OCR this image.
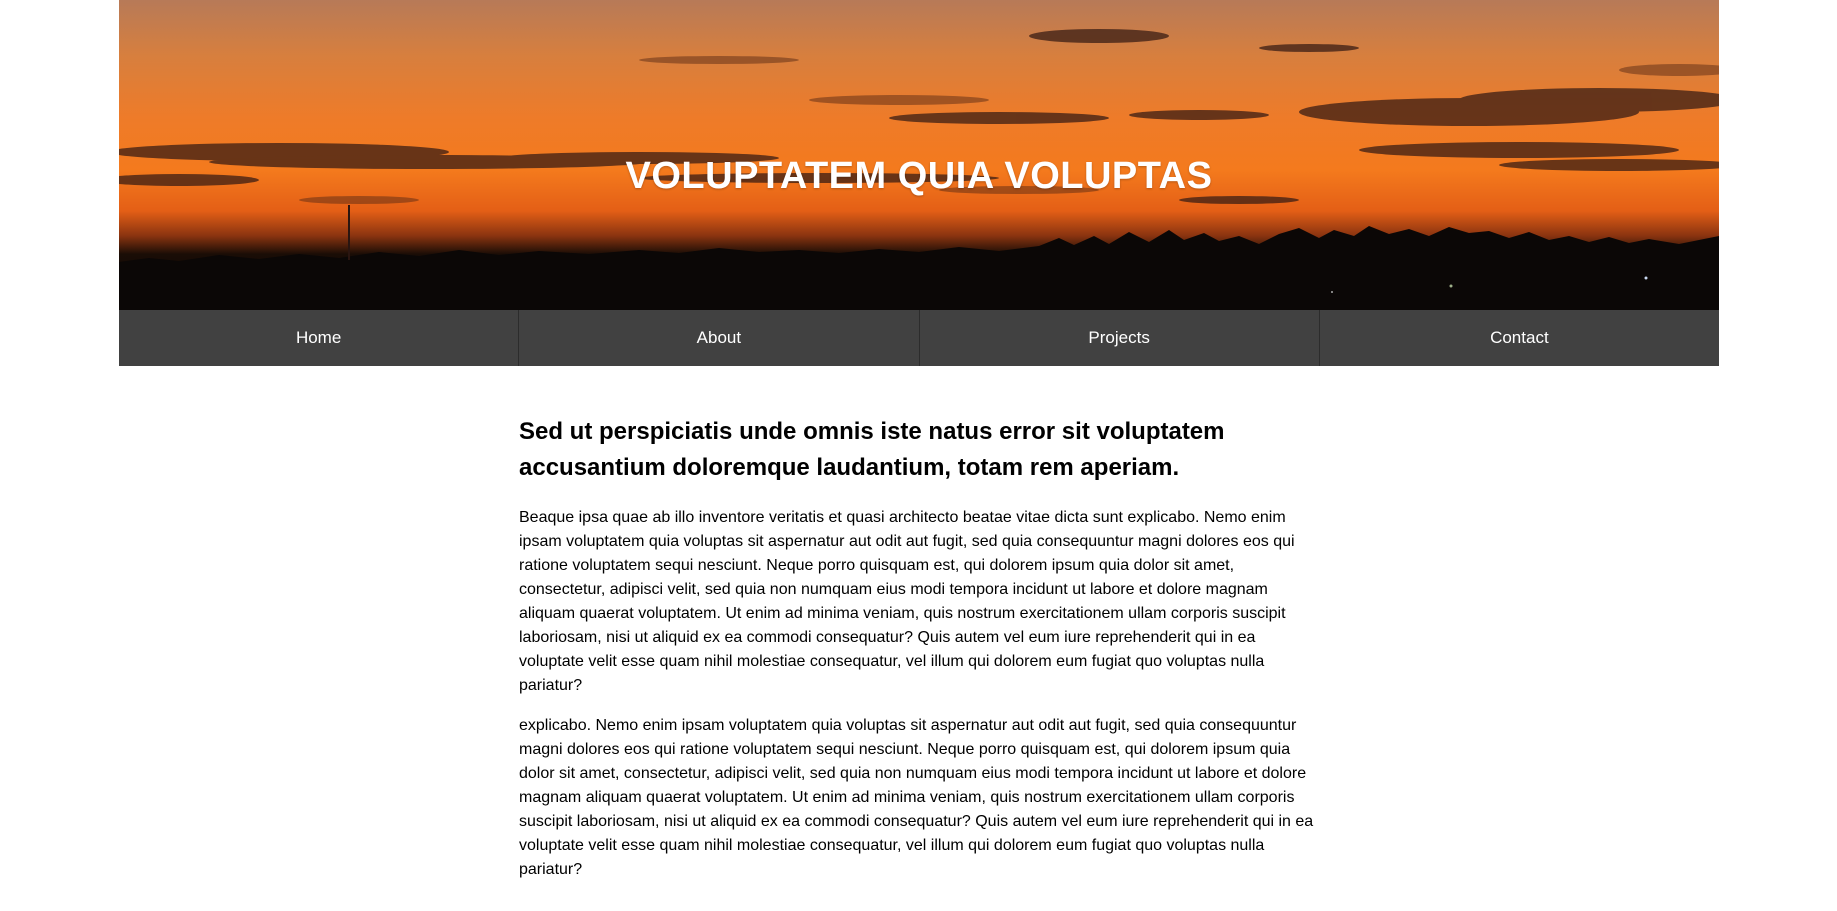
VOLUPTATEM QUIA VOLUPTAS
Home	About	Projects	Contact
Sed ut perspiciatis unde omnis iste natus error sit voluptatem accusantium doloremque laudantium, totam rem aperiam.

Beaque ipsa quae ab illo inventore veritatis et quasi architecto beatae vitae dicta sunt explicabo. Nemo enim ipsam voluptatem quia voluptas sit aspernatur aut odit aut fugit, sed quia consequuntur magni dolores eos qui ratione voluptatem sequi nesciunt. Neque porro quisquam est, qui dolorem ipsum quia dolor sit amet, consectetur, adipisci velit, sed quia non numquam eius modi tempora incidunt ut labore et dolore magnam aliquam quaerat voluptatem. Ut enim ad minima veniam, quis nostrum exercitationem ullam corporis suscipit laboriosam, nisi ut aliquid ex ea commodi consequatur? Quis autem vel eum iure reprehenderit qui in ea voluptate velit esse quam nihil molestiae consequatur, vel illum qui dolorem eum fugiat quo voluptas nulla pariatur?

explicabo. Nemo enim ipsam voluptatem quia voluptas sit aspernatur aut odit aut fugit, sed quia consequuntur magni dolores eos qui ratione voluptatem sequi nesciunt. Neque porro quisquam est, qui dolorem ipsum quia dolor sit amet, consectetur, adipisci velit, sed quia non numquam eius modi tempora incidunt ut labore et dolore magnam aliquam quaerat voluptatem. Ut enim ad minima veniam, quis nostrum exercitationem ullam corporis suscipit laboriosam, nisi ut aliquid ex ea commodi consequatur? Quis autem vel eum iure reprehenderit qui in ea voluptate velit esse quam nihil molestiae consequatur, vel illum qui dolorem eum fugiat quo voluptas nulla pariatur?
